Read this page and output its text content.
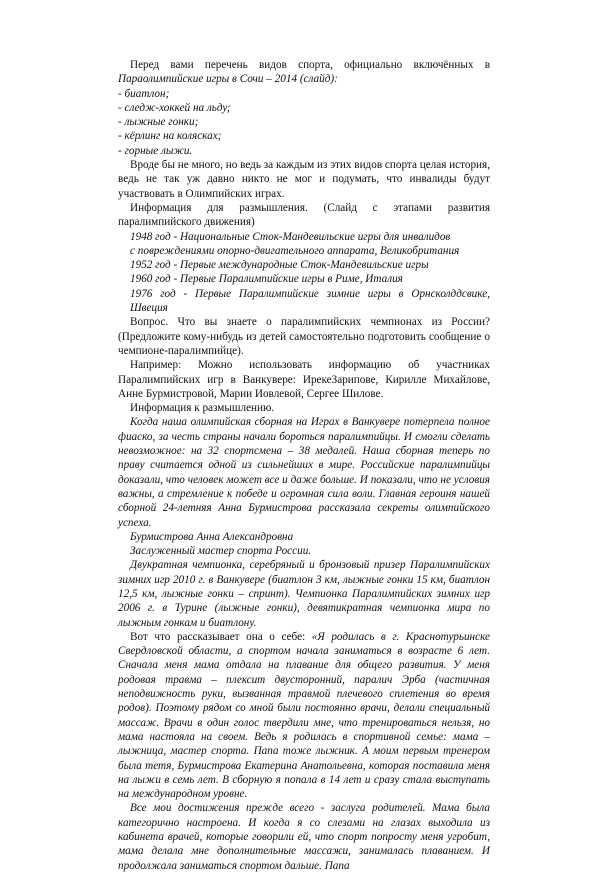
Перед вами перечень видов спорта, официально включённых в Параолимпийские игры в Сочи – 2014 (слайд):

- биатлон;

- следж-хоккей на льду;

- лыжные гонки;

- кёрлинг на колясках;

- горные лыжи.

Вроде бы не много, но ведь за каждым из этих видов спорта целая история, ведь не так уж давно никто не мог и подумать, что инвалиды будут участвовать в Олимпийских играх.

Информация для размышления. (Слайд с этапами развития паралимпийского движения)

1948 год - Национальные Сток-Мандевильские игры для инвалидов

с повреждениями опорно-двигательного аппарата, Великобритания

1952 год - Первые международные Сток-Мандевильские игры

1960 год - Первые Паралимпийские игры в Риме, Италия

1976 год - Первые Паралимпийские зимние игры в Орнсколддсвике, Швеция

Вопрос. Что вы знаете о паралимпийских чемпионах из России? (Предложите кому-нибудь из детей самостоятельно подготовить сообщение о чемпионе-паралимпийце).

Например: Можно использовать информацию об участниках Паралимпийских игр в Ванкувере: ИрекеЗарипове, Кирилле Михайлове, Анне Бурмистровой, Марии Иовлевой, Сергее Шилове.

Информация к размышлению.

Когда наша олимпийская сборная на Играх в Ванкувере потерпела полное фиаско, за честь страны начали бороться паралимпийцы. И смогли сделать невозможное: на 32 спортсмена – 38 медалей. Наша сборная теперь по праву считается одной из сильнейших в мире. Российские паралимпийцы доказали, что человек может все и даже больше. И показали, что не условия важны, а стремление к победе и огромная сила воли. Главная героиня нашей сборной 24-летняя Анна Бурмистрова рассказала секреты олимпийского успеха.

Бурмистрова Анна Александровна

Заслуженный мастер спорта России.

Двукратная чемпионка, серебряный и бронзовый призер Паралимпийских зимних игр 2010 г. в Ванкувере (биатлон 3 км, лыжные гонки 15 км, биатлон 12,5 км, лыжные гонки – спринт). Чемпионка Паралимпийских зимних игр 2006 г. в Турине (лыжные гонки), девятикратная чемпионка мира по лыжным гонкам и биатлону.

Вот что рассказывает она о себе: «Я родилась в г. Краснотурьинске Свердловской области, а спортом начала заниматься в возрасте 6 лет. Сначала меня мама отдала на плавание для общего развития. У меня родовая травма – плексит двусторонний, паралич Эрба (частичная неподвижность руки, вызванная травмой плечевого сплетения во время родов). Поэтому рядом со мной были постоянно врачи, делали специальный массаж. Врачи в один голос твердили мне, что тренироваться нельзя, но мама настояла на своем. Ведь я родилась в спортивной семье: мама – лыжница, мастер спорта. Папа тоже лыжник. А моим первым тренером была тетя, Бурмистрова Екатерина Анатольевна, которая поставила меня на лыжи в семь лет. В сборную я попала в 14 лет и сразу стала выступать на международном уровне.

Все мои достижения прежде всего - заслуга родителей. Мама была категорично настроена. И когда я со слезами на глазах выходила из кабинета врачей, которые говорили ей, что спорт попросту меня угробит, мама делала мне дополнительные массажи, занималась плаванием. И продолжала заниматься спортом дальше. Папа
